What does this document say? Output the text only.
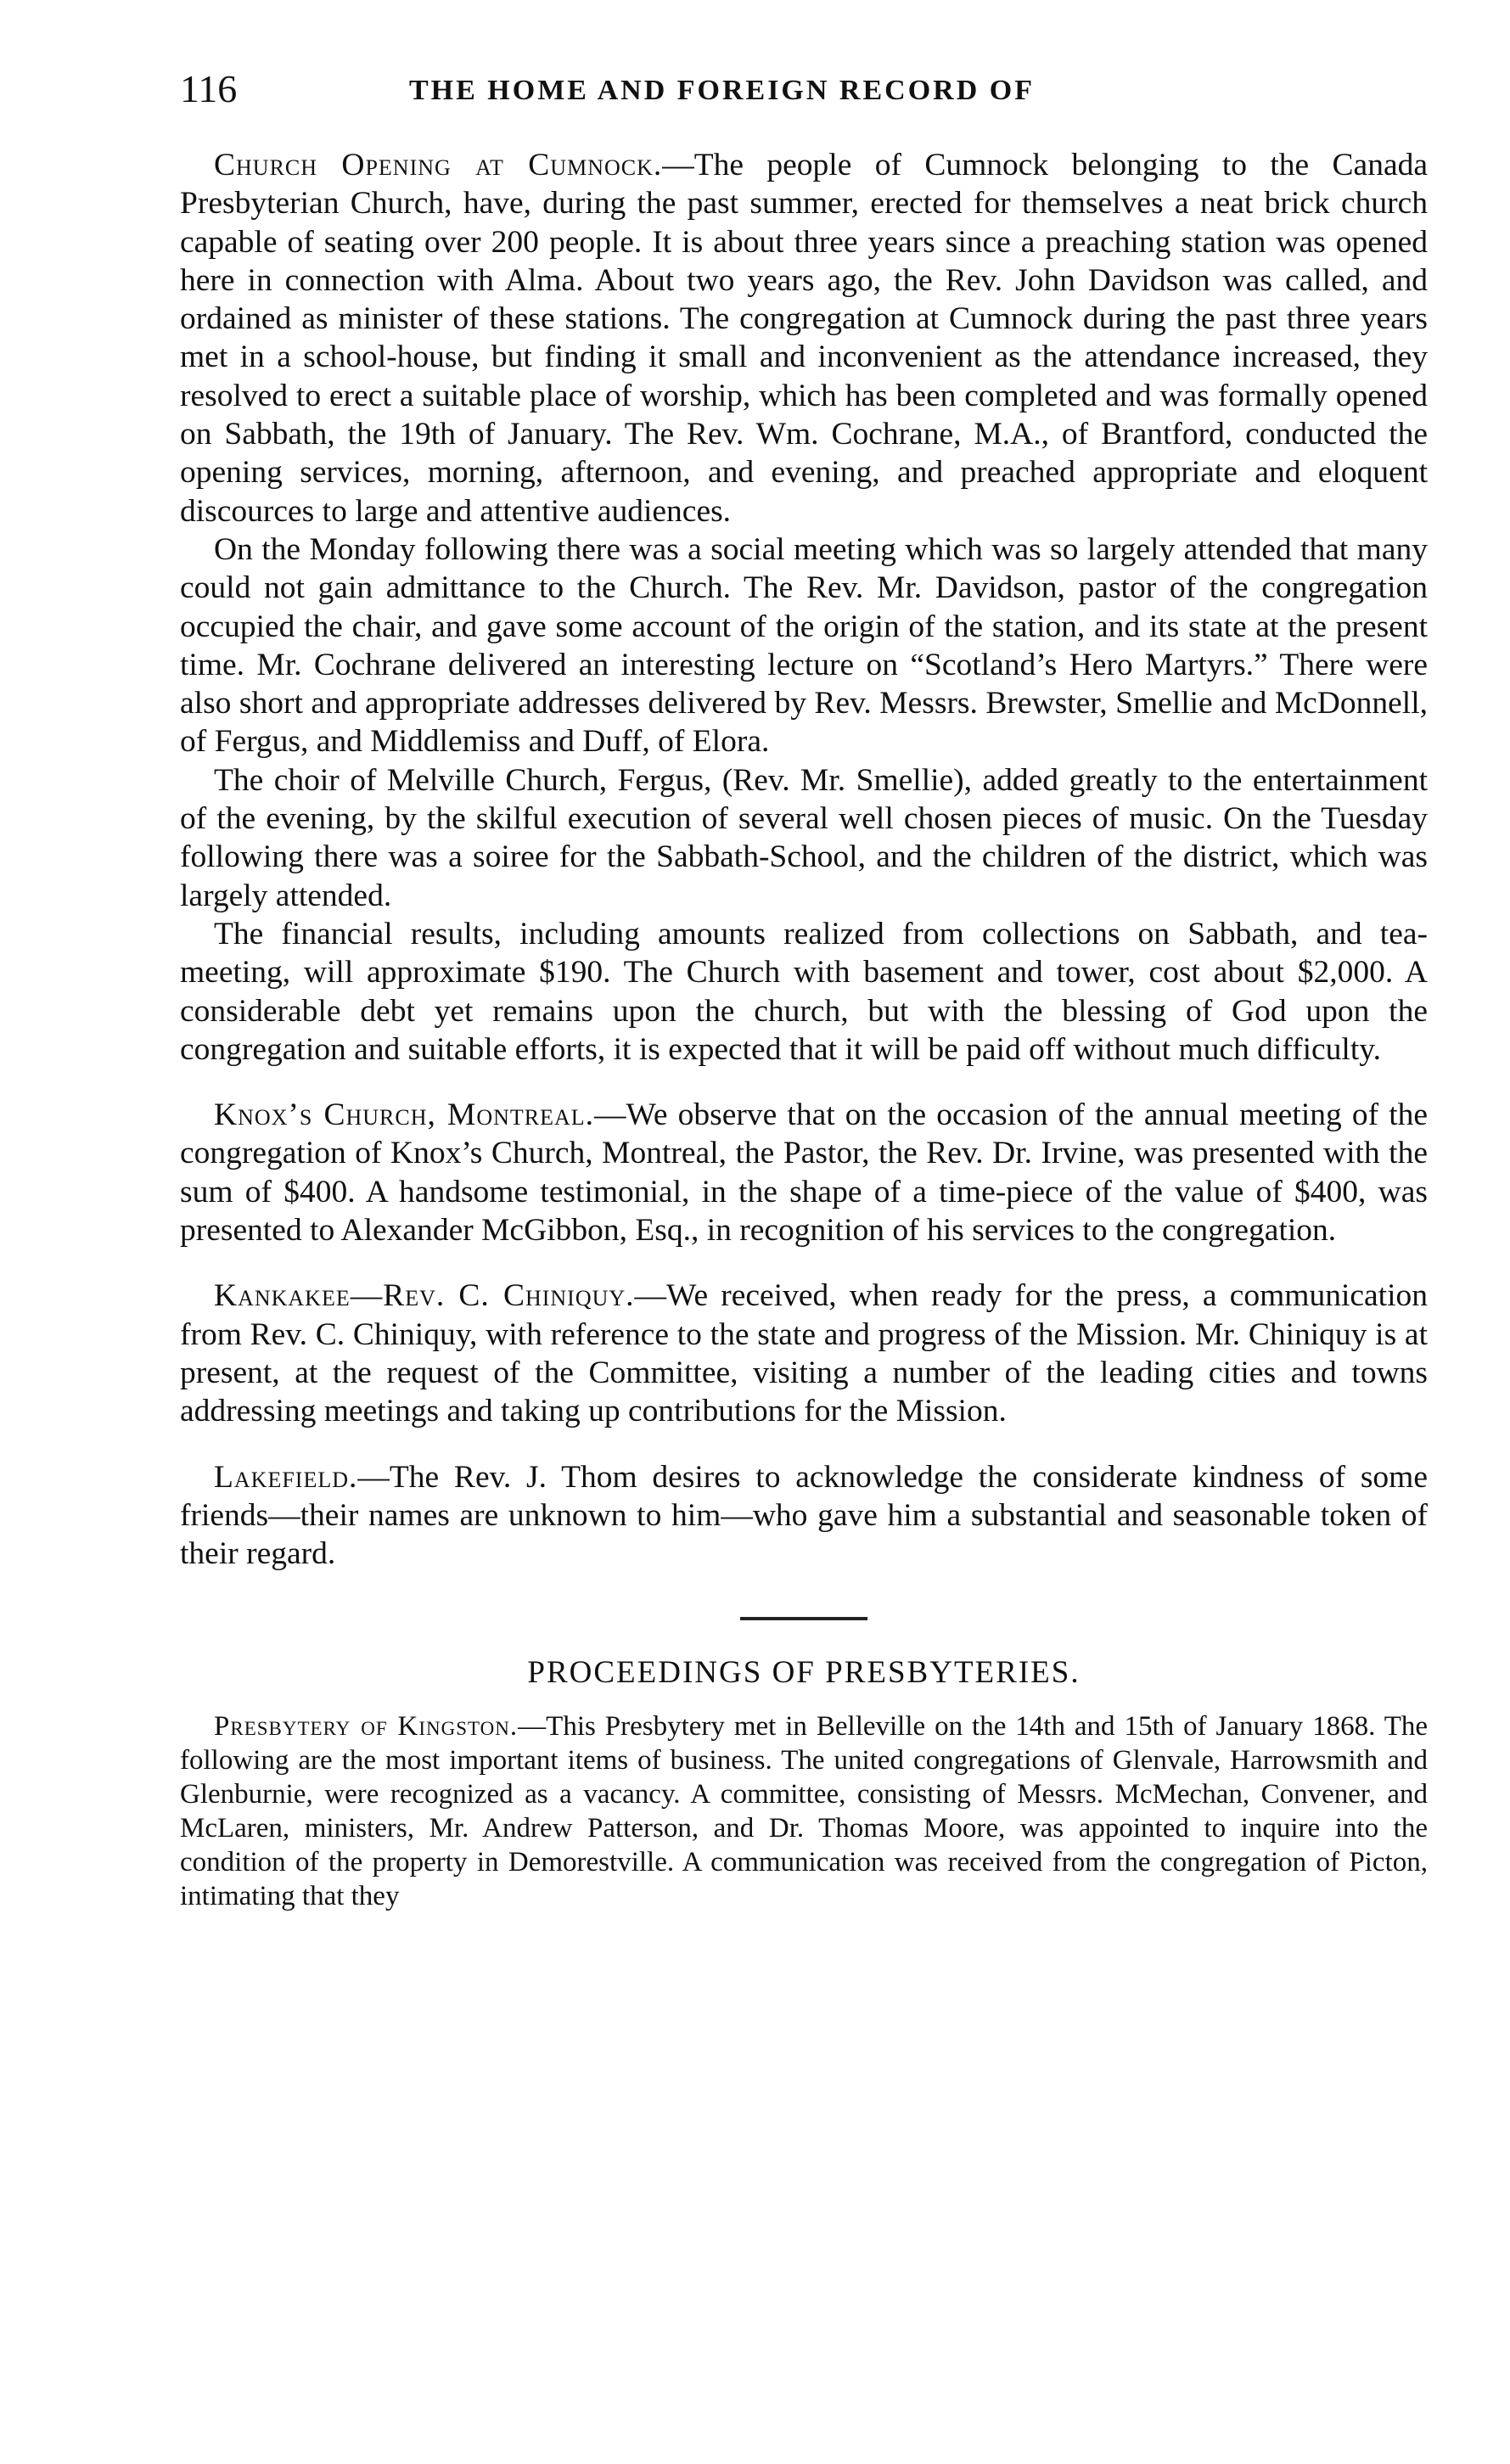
116	THE HOME AND FOREIGN RECORD OF

Church Opening at Cumnock.—The people of Cumnock belonging to the Canada Presbyterian Church, have, during the past summer, erected for themselves a neat brick church capable of seating over 200 people. It is about three years since a preaching station was opened here in connection with Alma. About two years ago, the Rev. John Davidson was called, and ordained as minister of these stations. The congregation at Cumnock during the past three years met in a school-house, but finding it small and inconvenient as the attendance increased, they resolved to erect a suitable place of worship, which has been completed and was formally opened on Sabbath, the 19th of January. The Rev. Wm. Cochrane, M.A., of Brantford, conducted the opening services, morning, afternoon, and evening, and preached appropriate and eloquent discources to large and attentive audiences.

On the Monday following there was a social meeting which was so largely attended that many could not gain admittance to the Church. The Rev. Mr. Davidson, pastor of the congregation occupied the chair, and gave some account of the origin of the station, and its state at the present time. Mr. Cochrane delivered an interesting lecture on “Scotland’s Hero Martyrs.” There were also short and appropriate addresses delivered by Rev. Messrs. Brewster, Smellie and McDonnell, of Fergus, and Middlemiss and Duff, of Elora.

The choir of Melville Church, Fergus, (Rev. Mr. Smellie), added greatly to the entertainment of the evening, by the skilful execution of several well chosen pieces of music. On the Tuesday following there was a soiree for the Sabbath-School, and the children of the district, which was largely attended.

The financial results, including amounts realized from collections on Sabbath, and tea-meeting, will approximate $190. The Church with basement and tower, cost about $2,000. A considerable debt yet remains upon the church, but with the blessing of God upon the congregation and suitable efforts, it is expected that it will be paid off without much difficulty.

Knox’s Church, Montreal.—We observe that on the occasion of the annual meeting of the congregation of Knox’s Church, Montreal, the Pastor, the Rev. Dr. Irvine, was presented with the sum of $400. A handsome testimonial, in the shape of a time-piece of the value of $400, was presented to Alexander McGibbon, Esq., in recognition of his services to the congregation.

Kankakee—Rev. C. Chiniquy.—We received, when ready for the press, a communication from Rev. C. Chiniquy, with reference to the state and progress of the Mission. Mr. Chiniquy is at present, at the request of the Committee, visiting a number of the leading cities and towns addressing meetings and taking up contributions for the Mission.

Lakefield.—The Rev. J. Thom desires to acknowledge the considerate kindness of some friends—their names are unknown to him—who gave him a substantial and seasonable token of their regard.

PROCEEDINGS OF PRESBYTERIES.

Presbytery of Kingston.—This Presbytery met in Belleville on the 14th and 15th of January 1868. The following are the most important items of business. The united congregations of Glenvale, Harrowsmith and Glenburnie, were recognized as a vacancy. A committee, consisting of Messrs. McMechan, Convener, and McLaren, ministers, Mr. Andrew Patterson, and Dr. Thomas Moore, was appointed to inquire into the condition of the property in Demorestville. A communication was received from the congregation of Picton, intimating that they
